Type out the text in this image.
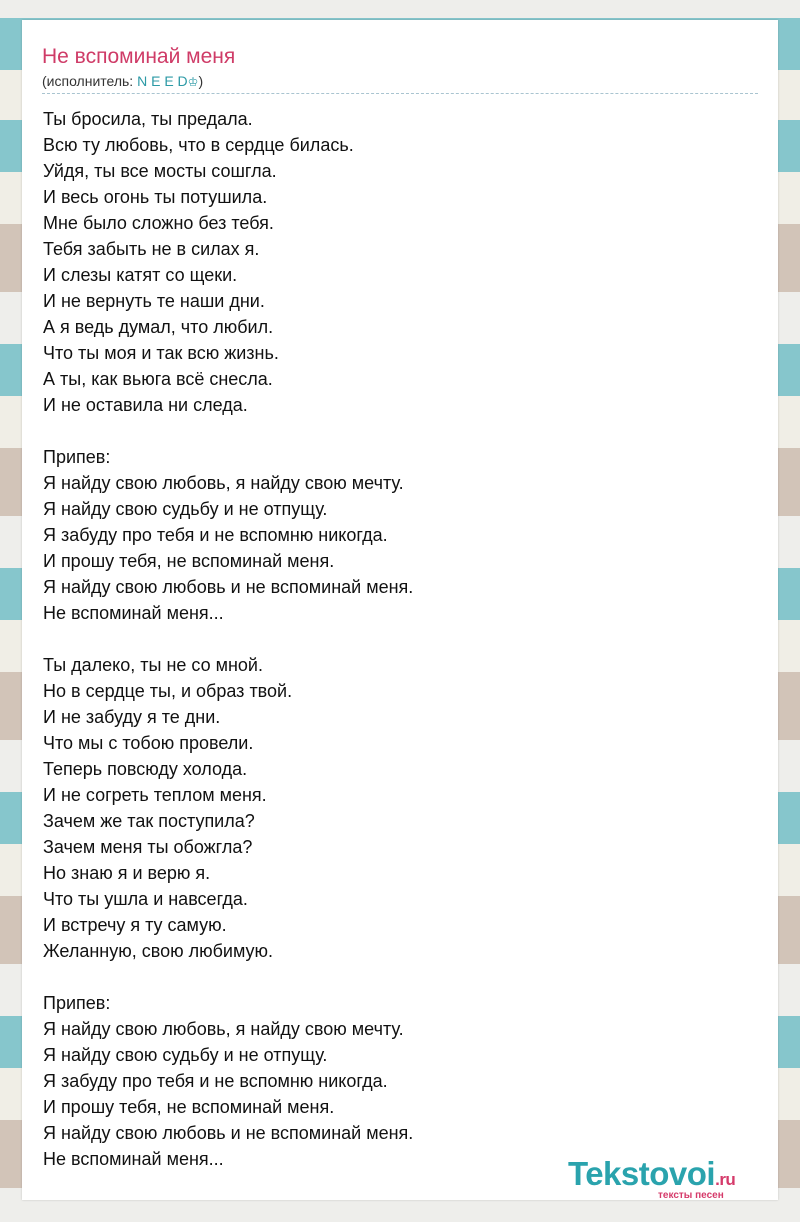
Не вспоминай меня
(исполнитель: N E E D♔)
Ты бросила, ты предала.
Всю ту любовь, что в сердце билась.
Уйдя, ты все мосты сошгла.
И весь огонь ты потушила.
Мне было сложно без тебя.
Тебя забыть не в силах я.
И слезы катят со щеки.
И не вернуть те наши дни.
А я ведь думал, что любил.
Что ты моя и так всю жизнь.
А ты, как вьюга всё снесла.
И не оставила ни следа.
Припев:
Я найду свою любовь, я найду свою мечту.
Я найду свою судьбу и не отпущу.
Я забуду про тебя и не вспомню никогда.
И прошу тебя, не вспоминай меня.
Я найду свою любовь и не вспоминай меня.
Не вспоминай меня...
Ты далеко, ты не со мной.
Но в сердце ты, и образ твой.
И не забуду я те дни.
Что мы с тобою провели.
Теперь повсюду холода.
И не согреть теплом меня.
Зачем же так поступила?
Зачем меня ты обожгла?
Но знаю я и верю я.
Что ты ушла и навсегда.
И встречу я ту самую.
Желанную, свою любимую.
Припев:
Я найду свою любовь, я найду свою мечту.
Я найду свою судьбу и не отпущу.
Я забуду про тебя и не вспомню никогда.
И прошу тебя, не вспоминай меня.
Я найду свою любовь и не вспоминай меня.
Не вспоминай меня...	Tekstovoi.ru
тексты песен
